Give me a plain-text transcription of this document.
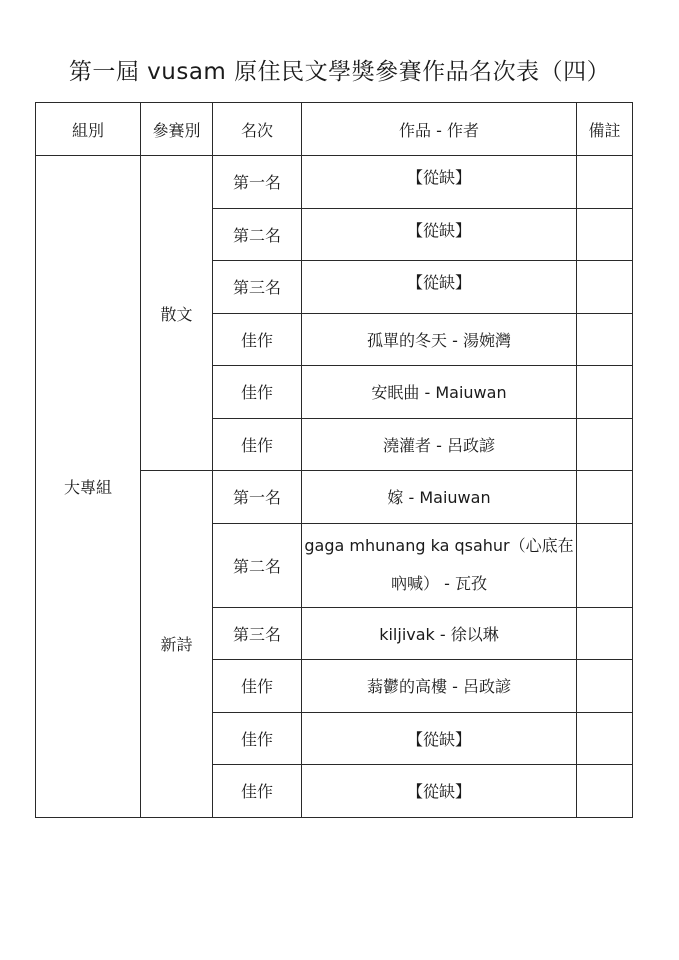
第一屆 vusam 原住民文學獎參賽作品名次表（四）
組別	參賽別	名次	作品 - 作者	備註
大專組	散文	第一名	【從缺】	
		第二名	【從缺】	
		第三名	【從缺】	
		佳作	孤單的冬天 - 湯婉灣	
		佳作	安眠曲 - Maiuwan	
		佳作	澆灌者 - 呂政諺	
	新詩	第一名	嫁 - Maiuwan	
		第二名	gaga mhunang ka qsahur（心底在吶喊） - 瓦孜	
		第三名	kiljivak - 徐以琳	
		佳作	蓊鬱的高樓 - 呂政諺	
		佳作	【從缺】	
		佳作	【從缺】	
